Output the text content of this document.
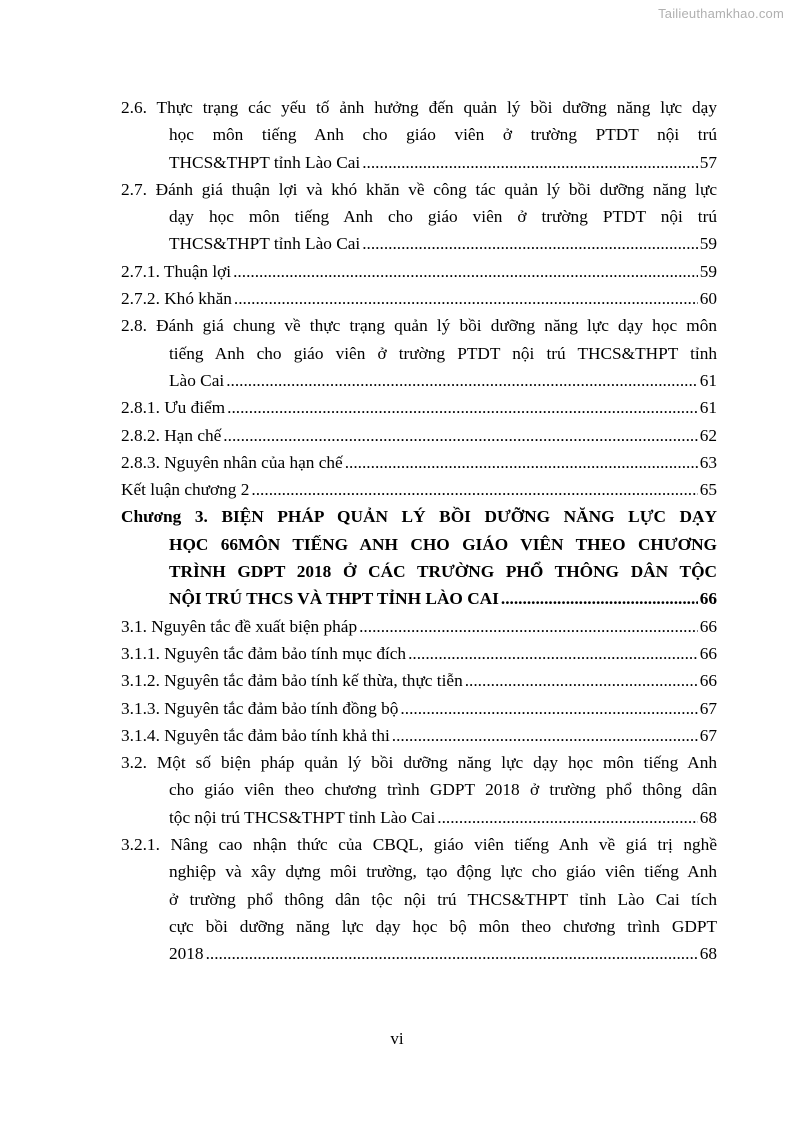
Tailieuthamkhao.com
2.6. Thực trạng các yếu tố ảnh hưởng đến quản lý bồi dưỡng năng lực dạy
học môn tiếng Anh cho giáo viên ở trường PTDT nội trú
THCS&THPT tỉnh Lào Cai .....	57
2.7. Đánh giá thuận lợi và khó khăn về công tác quản lý bồi dưỡng năng lực
dạy học môn tiếng Anh cho giáo viên ở trường PTDT nội trú
THCS&THPT tỉnh Lào Cai .....	59
2.7.1. Thuận lợi .....	59
2.7.2. Khó khăn .....	60
2.8. Đánh giá chung về thực trạng quản lý bồi dưỡng năng lực dạy học môn
tiếng Anh cho giáo viên ở trường PTDT nội trú THCS&THPT tỉnh
Lào Cai .....	61
2.8.1. Ưu điểm .....	61
2.8.2. Hạn chế .....	62
2.8.3. Nguyên nhân của hạn chế .....	63
Kết luận chương 2 .....	65
Chương 3. BIỆN PHÁP QUẢN LÝ BỒI DƯỠNG NĂNG LỰC DẠY
HỌC 66MÔN TIẾNG ANH CHO GIÁO VIÊN THEO CHƯƠNG
TRÌNH GDPT 2018 Ở CÁC TRƯỜNG PHỔ THÔNG DÂN TỘC
NỘI TRÚ THCS VÀ THPT TỈNH LÀO CAI .....	66
3.1. Nguyên tắc đề xuất biện pháp .....	66
3.1.1. Nguyên tắc đảm bảo tính mục đích .....	66
3.1.2. Nguyên tắc đảm bảo tính kế thừa, thực tiễn .....	66
3.1.3. Nguyên tắc đảm bảo tính đồng bộ .....	67
3.1.4. Nguyên tắc đảm bảo tính khả thi .....	67
3.2. Một số biện pháp quản lý bồi dưỡng năng lực dạy học môn tiếng Anh
cho giáo viên theo chương trình GDPT 2018 ở trường phổ thông dân
tộc nội trú THCS&THPT tỉnh Lào Cai .....	68
3.2.1. Nâng cao nhận thức của CBQL, giáo viên tiếng Anh về giá trị nghề
nghiệp và xây dựng môi trường, tạo động lực cho giáo viên tiếng Anh
ở trường phổ thông dân tộc nội trú THCS&THPT tỉnh Lào Cai tích
cực bồi dưỡng năng lực dạy học bộ môn theo chương trình GDPT
2018 .....	68
vi
